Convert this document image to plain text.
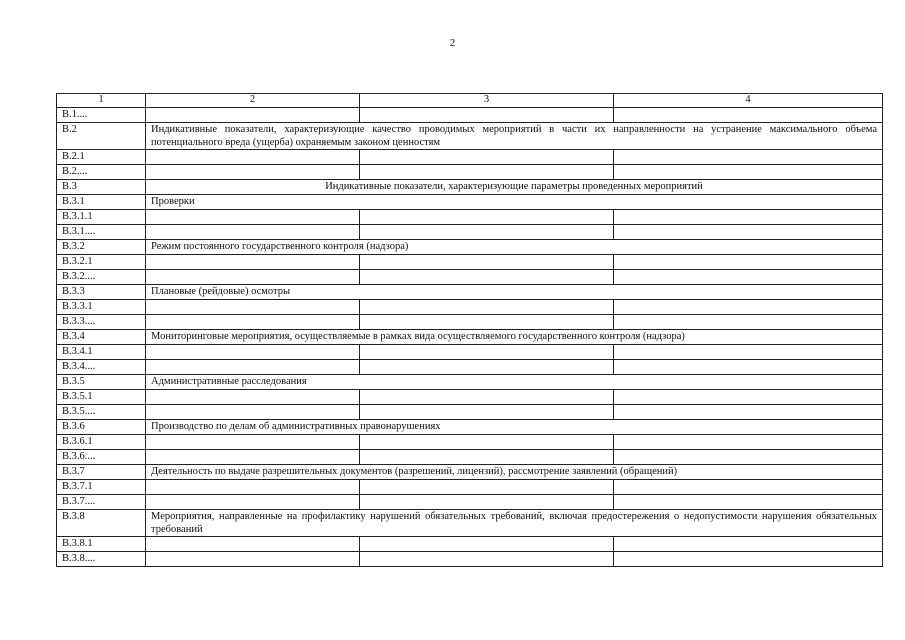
2
1	2	3	4
В.1....			
В.2	Индикативные показатели, характеризующие качество проводимых мероприятий в части их направленности на устранение максимального объема потенциального вреда (ущерба) охраняемым законом ценностям		
В.2.1			
В.2....			
В.3	Индикативные показатели, характеризующие параметры проведенных мероприятий		
В.3.1	Проверки		
В.3.1.1			
В.3.1....			
В.3.2	Режим постоянного государственного контроля (надзора)		
В.3.2.1			
В.3.2....			
В.3.3	Плановые (рейдовые) осмотры		
В.3.3.1			
В.3.3....			
В.3.4	Мониторинговые мероприятия, осуществляемые в рамках вида осуществляемого государственного контроля (надзора)		
В.3.4.1			
В.3.4....			
В.3.5	Административные расследования		
В.3.5.1			
В.3.5....			
В.3.6	Производство по делам об административных правонарушениях		
В.3.6.1			
В.3.6....			
В.3.7	Деятельность по выдаче разрешительных документов (разрешений, лицензий), рассмотрение заявлений (обращений)		
В.3.7.1			
В.3.7....			
В.3.8	Мероприятия, направленные на профилактику нарушений обязательных требований, включая предостережения о недопустимости нарушения обязательных требований		
В.3.8.1			
В.3.8....			
